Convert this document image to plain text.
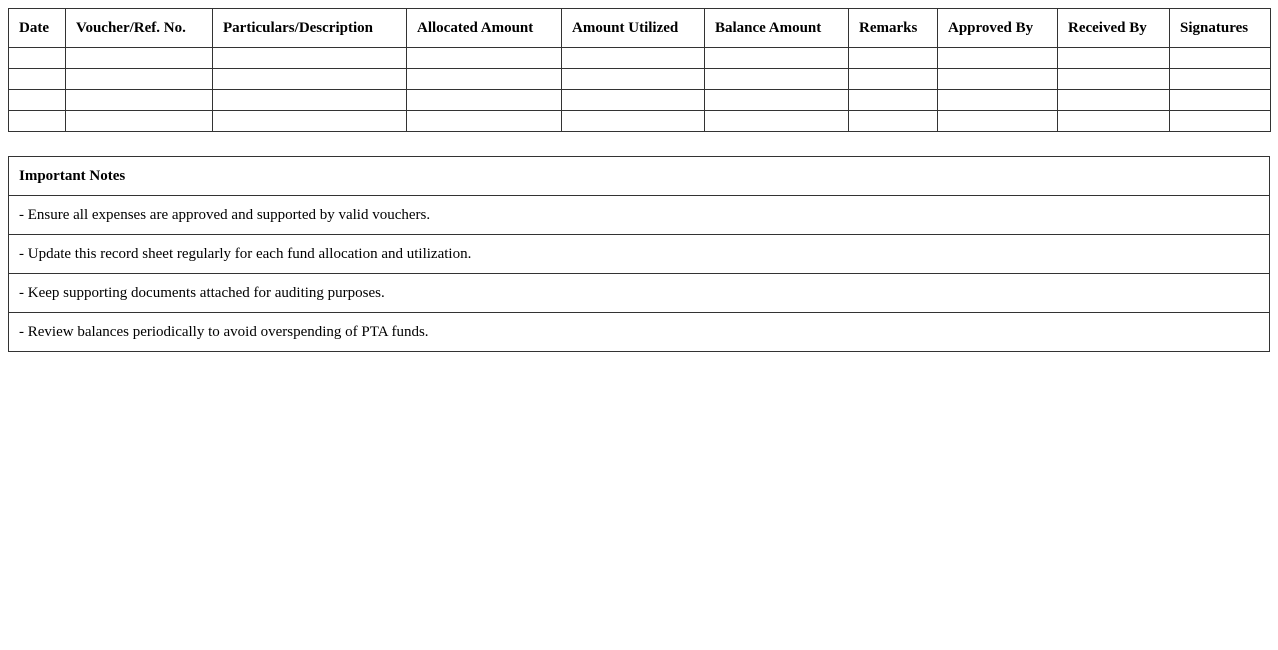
Date	Voucher/Ref. No.	Particulars/Description	Allocated Amount	Amount Utilized	Balance Amount	Remarks	Approved By	Received By	Signatures

Important Notes
- Ensure all expenses are approved and supported by valid vouchers.
- Update this record sheet regularly for each fund allocation and utilization.
- Keep supporting documents attached for auditing purposes.
- Review balances periodically to avoid overspending of PTA funds.
